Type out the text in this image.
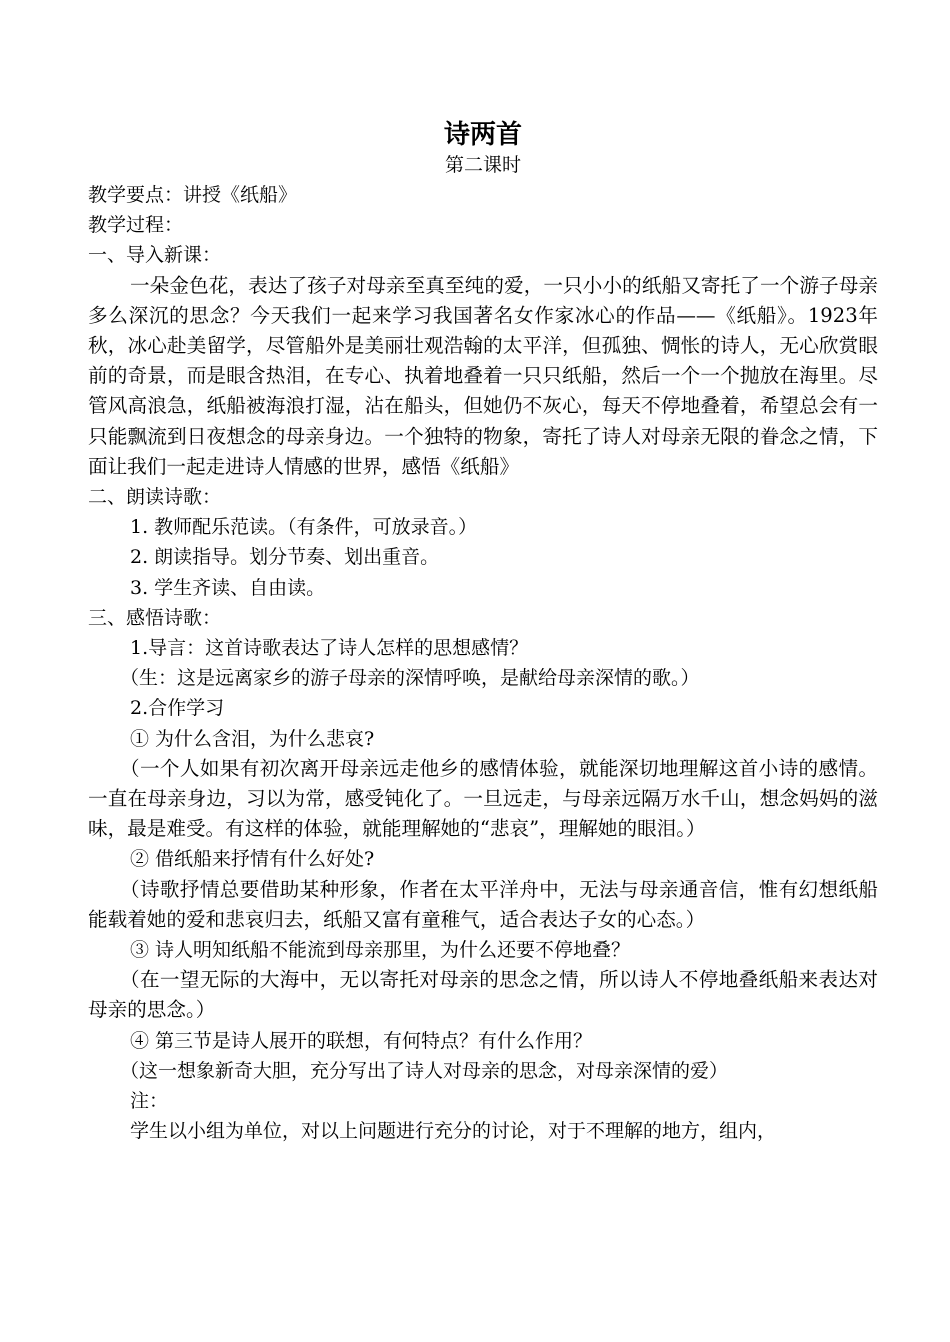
诗两首

第二课时

教学要点：讲授《纸船》

教学过程：

一、导入新课：

一朵金色花，表达了孩子对母亲至真至纯的爱，一只小小的纸船又寄托了一个游子母亲多么深沉的思念？今天我们一起来学习我国著名女作家冰心的作品——《纸船》。1923年秋，冰心赴美留学，尽管船外是美丽壮观浩翰的太平洋，但孤独、惆怅的诗人，无心欣赏眼前的奇景，而是眼含热泪，在专心、执着地叠着一只只纸船，然后一个一个抛放在海里。尽管风高浪急，纸船被海浪打湿，沾在船头，但她仍不灰心，每天不停地叠着，希望总会有一只能飘流到日夜想念的母亲身边。一个独特的物象，寄托了诗人对母亲无限的眷念之情，下面让我们一起走进诗人情感的世界，感悟《纸船》

二、朗读诗歌：

1. 教师配乐范读。（有条件，可放录音。）

2. 朗读指导。划分节奏、划出重音。

3. 学生齐读、自由读。

三、感悟诗歌：

1.导言：这首诗歌表达了诗人怎样的思想感情？

（生：这是远离家乡的游子母亲的深情呼唤，是献给母亲深情的歌。）

2.合作学习

① 为什么含泪，为什么悲哀?

（一个人如果有初次离开母亲远走他乡的感情体验，就能深切地理解这首小诗的感情。一直在母亲身边，习以为常，感受钝化了。一旦远走，与母亲远隔万水千山，想念妈妈的滋味，最是难受。有这样的体验，就能理解她的“悲哀”，理解她的眼泪。）

② 借纸船来抒情有什么好处?

（诗歌抒情总要借助某种形象，作者在太平洋舟中，无法与母亲通音信，惟有幻想纸船能载着她的爱和悲哀归去，纸船又富有童稚气，适合表达子女的心态。）

③ 诗人明知纸船不能流到母亲那里，为什么还要不停地叠？

（在一望无际的大海中，无以寄托对母亲的思念之情，所以诗人不停地叠纸船来表达对母亲的思念。）

④ 第三节是诗人展开的联想，有何特点？有什么作用？

（这一想象新奇大胆，充分写出了诗人对母亲的思念，对母亲深情的爱）

注：

学生以小组为单位，对以上问题进行充分的讨论，对于不理解的地方，组内，
